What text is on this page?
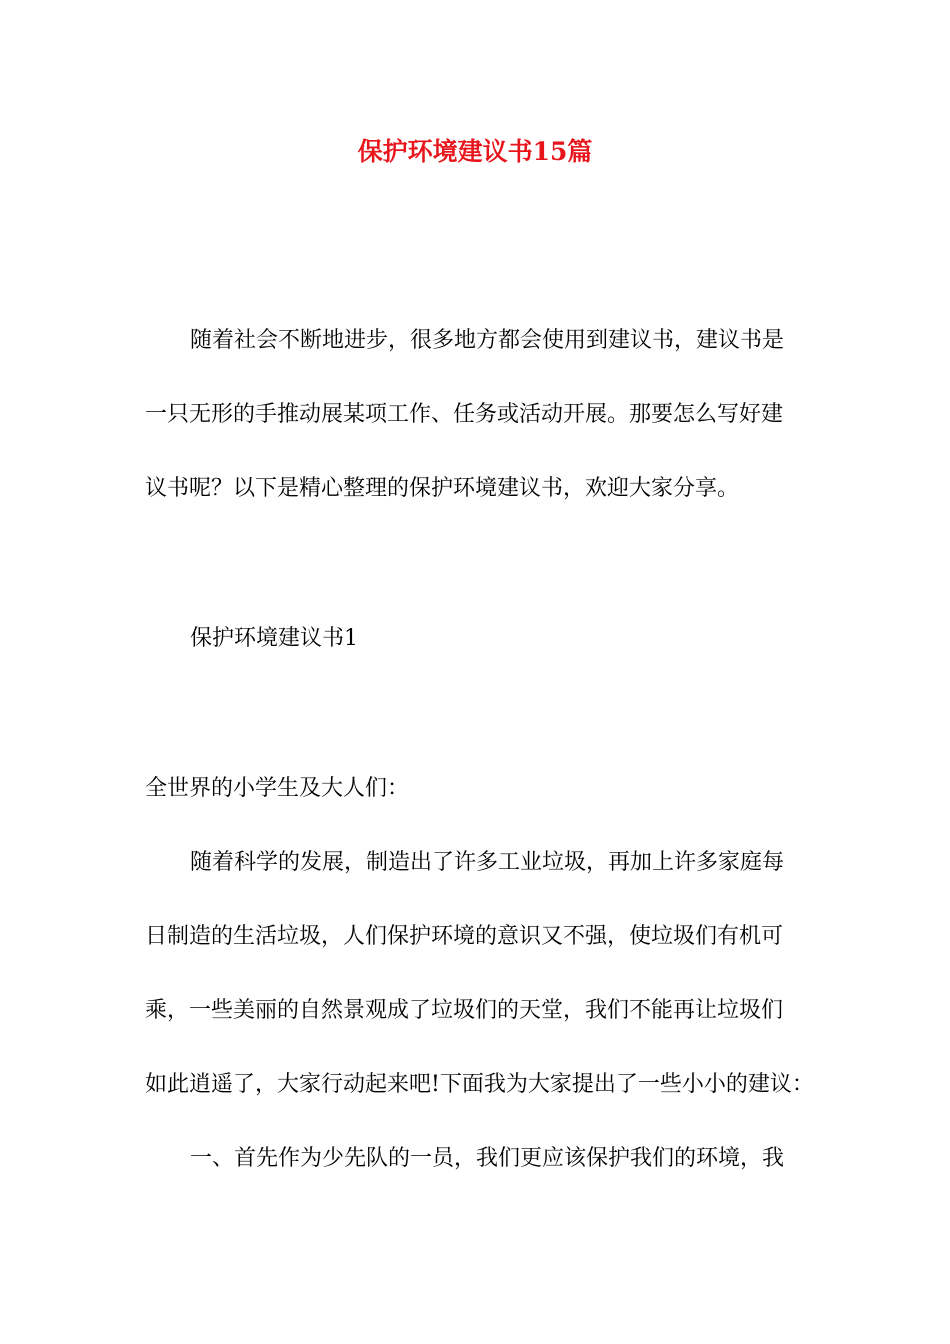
保护环境建议书15篇

随着社会不断地进步，很多地方都会使用到建议书，建议书是

一只无形的手推动展某项工作、任务或活动开展。那要怎么写好建

议书呢？以下是精心整理的保护环境建议书，欢迎大家分享。

保护环境建议书1

全世界的小学生及大人们：

随着科学的发展，制造出了许多工业垃圾，再加上许多家庭每

日制造的生活垃圾，人们保护环境的意识又不强，使垃圾们有机可

乘，一些美丽的自然景观成了垃圾们的天堂，我们不能再让垃圾们

如此逍遥了，大家行动起来吧!下面我为大家提出了一些小小的建议：

一、首先作为少先队的一员，我们更应该保护我们的环境，我
